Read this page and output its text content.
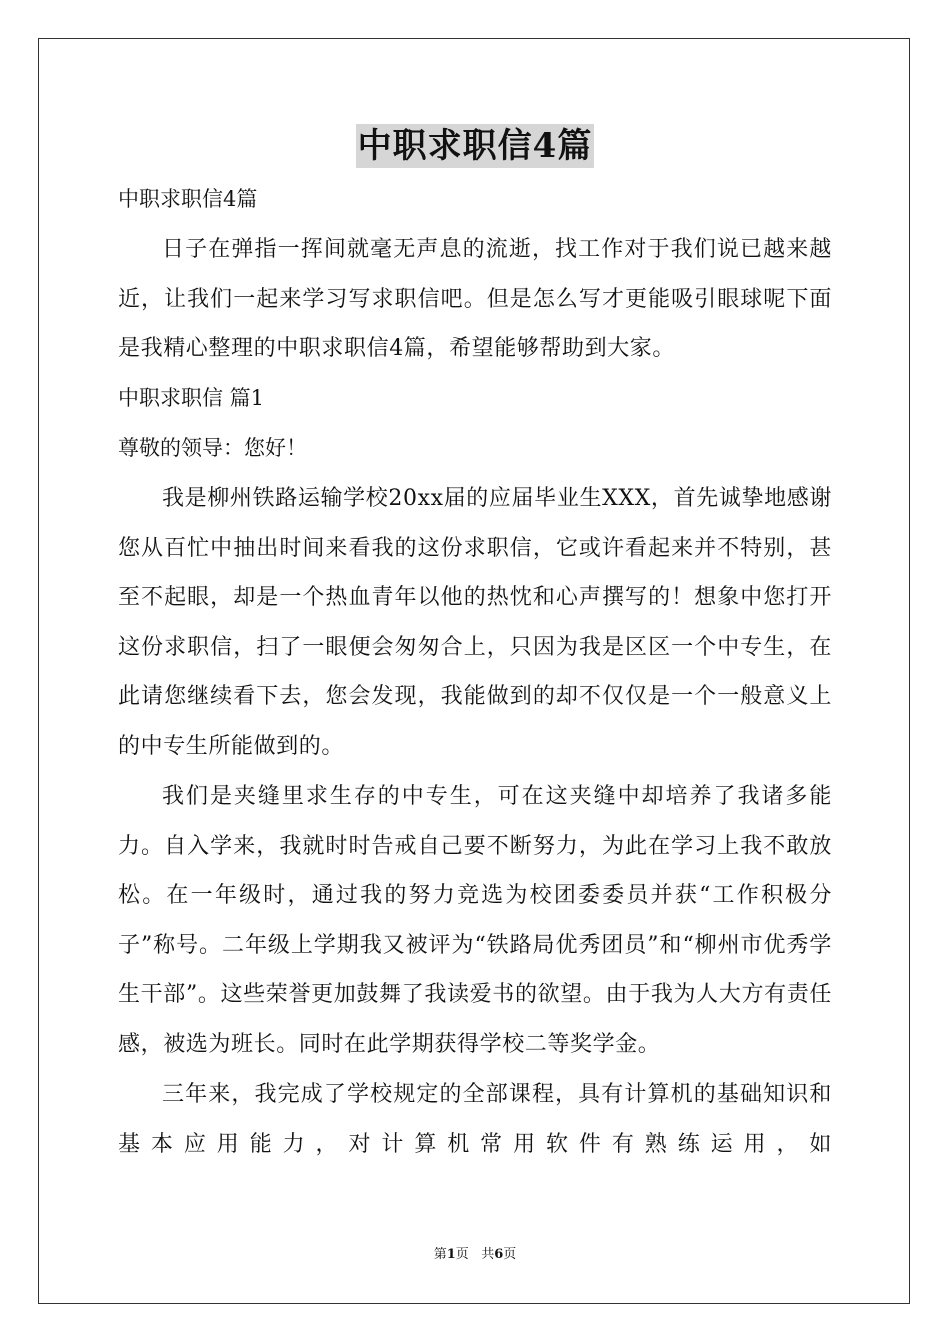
中职求职信4篇
中职求职信4篇
日子在弹指一挥间就毫无声息的流逝，找工作对于我们说已越来越近，让我们一起来学习写求职信吧。但是怎么写才更能吸引眼球呢下面是我精心整理的中职求职信4篇，希望能够帮助到大家。
中职求职信 篇1
尊敬的领导：您好！
我是柳州铁路运输学校20xx届的应届毕业生XXX，首先诚挚地感谢您从百忙中抽出时间来看我的这份求职信，它或许看起来并不特别，甚至不起眼，却是一个热血青年以他的热忱和心声撰写的！想象中您打开这份求职信，扫了一眼便会匆匆合上，只因为我是区区一个中专生，在此请您继续看下去，您会发现，我能做到的却不仅仅是一个一般意义上的中专生所能做到的。
我们是夹缝里求生存的中专生，可在这夹缝中却培养了我诸多能力。自入学来，我就时时告戒自己要不断努力，为此在学习上我不敢放松。在一年级时，通过我的努力竞选为校团委委员并获“工作积极分子”称号。二年级上学期我又被评为“铁路局优秀团员”和“柳州市优秀学生干部”。这些荣誉更加鼓舞了我读爱书的欲望。由于我为人大方有责任感，被选为班长。同时在此学期获得学校二等奖学金。
三年来，我完成了学校规定的全部课程，具有计算机的基础知识和基本应用能力，对计算机常用软件有熟练运用，如
第1页 共6页
